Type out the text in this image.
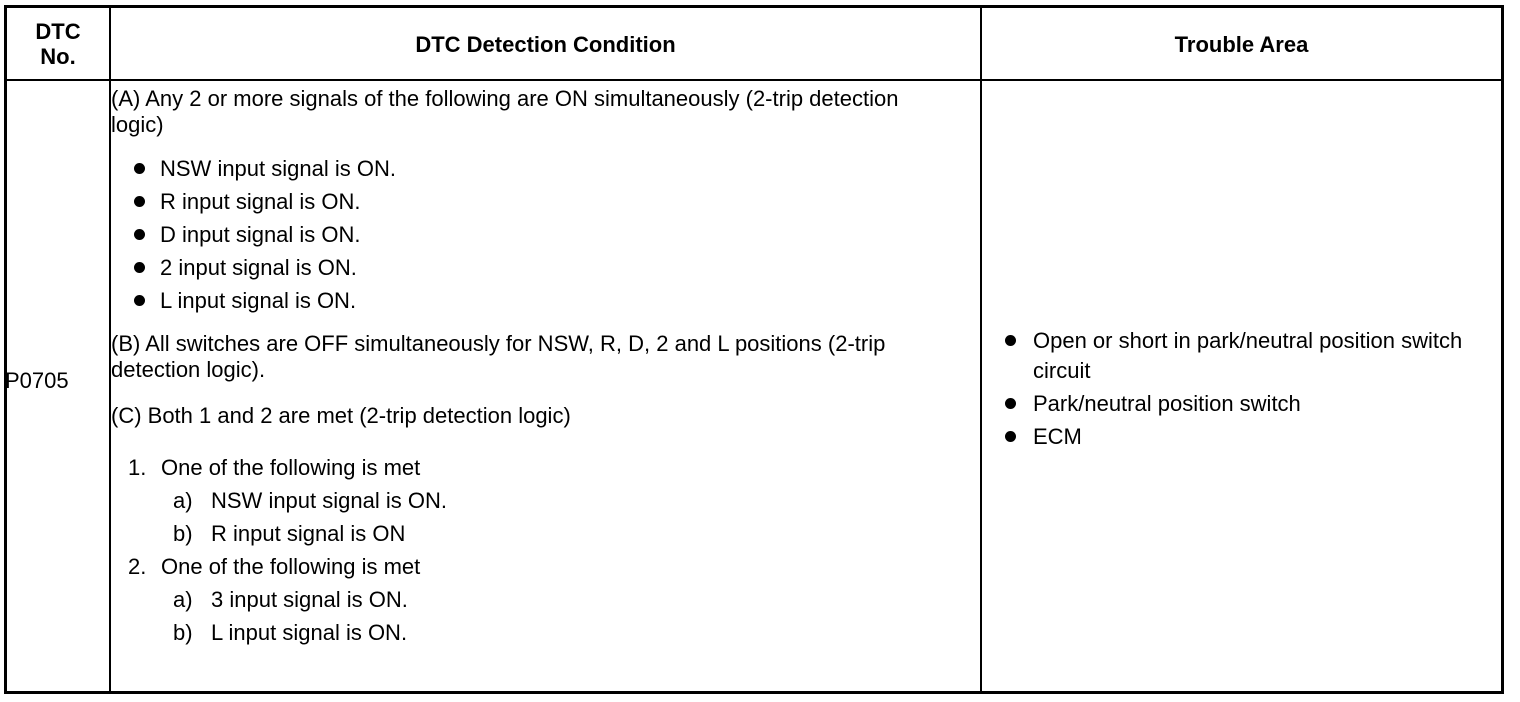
DTC No.	DTC Detection Condition	Trouble Area
P0705

(A) Any 2 or more signals of the following are ON simultaneously (2-trip detection logic)

NSW input signal is ON.
R input signal is ON.
D input signal is ON.
2 input signal is ON.
L input signal is ON.

(B) All switches are OFF simultaneously for NSW, R, D, 2 and L positions (2-trip detection logic).

(C) Both 1 and 2 are met (2-trip detection logic)

1. One of the following is met
a) NSW input signal is ON.
b) R input signal is ON
2. One of the following is met
a) 3 input signal is ON.
b) L input signal is ON.
Open or short in park/neutral position switch circuit
Park/neutral position switch
ECM
